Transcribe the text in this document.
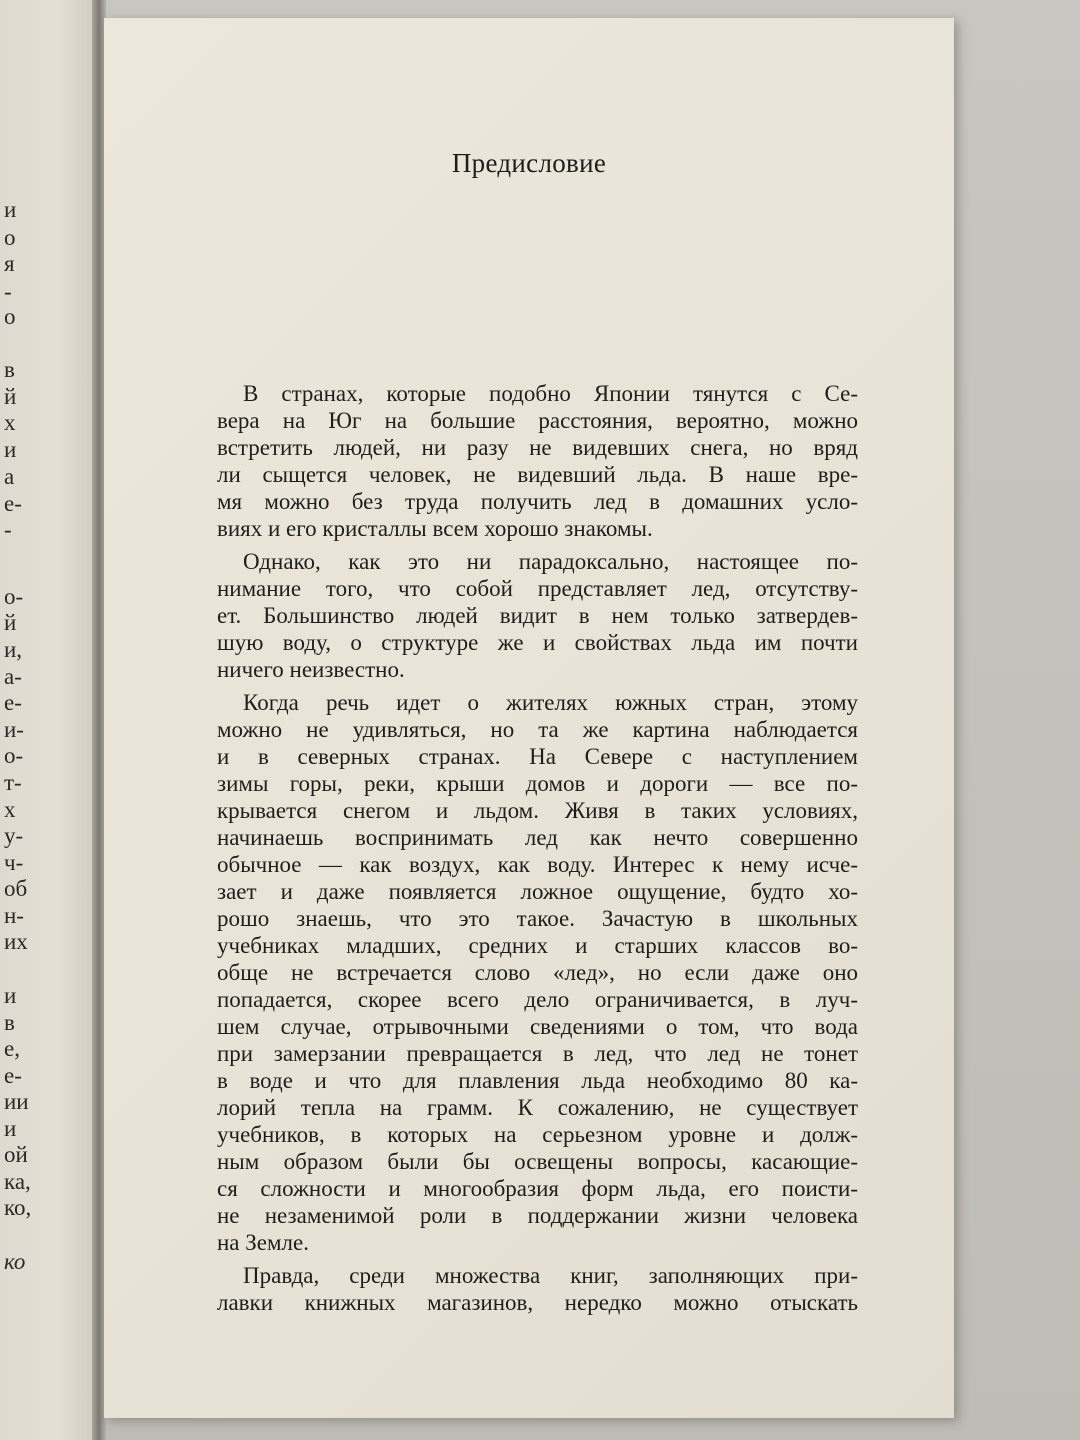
и
о
я
-
о
в
й
х
и
а
е-
-
о-
й
и,
а-
е-
и-
о-
т-
х
у-
ч-
об
н-
их
и
в
е,
е-
ии
и
ой
ка,
ко,
ко
Предисловие
В странах, которые подобно Японии тянутся с Се-
вера на Юг на большие расстояния, вероятно, можно
встретить людей, ни разу не видевших снега, но вряд
ли сыщется человек, не видевший льда. В наше вре-
мя можно без труда получить лед в домашних усло-
виях и его кристаллы всем хорошо знакомы.
Однако, как это ни парадоксально, настоящее по-
нимание того, что собой представляет лед, отсутству-
ет. Большинство людей видит в нем только затвердев-
шую воду, о структуре же и свойствах льда им почти
ничего неизвестно.
Когда речь идет о жителях южных стран, этому
можно не удивляться, но та же картина наблюдается
и в северных странах. На Севере с наступлением
зимы горы, реки, крыши домов и дороги — все по-
крывается снегом и льдом. Живя в таких условиях,
начинаешь воспринимать лед как нечто совершенно
обычное — как воздух, как воду. Интерес к нему исче-
зает и даже появляется ложное ощущение, будто хо-
рошо знаешь, что это такое. Зачастую в школьных
учебниках младших, средних и старших классов во-
обще не встречается слово «лед», но если даже оно
попадается, скорее всего дело ограничивается, в луч-
шем случае, отрывочными сведениями о том, что вода
при замерзании превращается в лед, что лед не тонет
в воде и что для плавления льда необходимо 80 ка-
лорий тепла на грамм. К сожалению, не существует
учебников, в которых на серьезном уровне и долж-
ным образом были бы освещены вопросы, касающие-
ся сложности и многообразия форм льда, его поисти-
не незаменимой роли в поддержании жизни человека
на Земле.
Правда, среди множества книг, заполняющих при-
лавки книжных магазинов, нередко можно отыскать
